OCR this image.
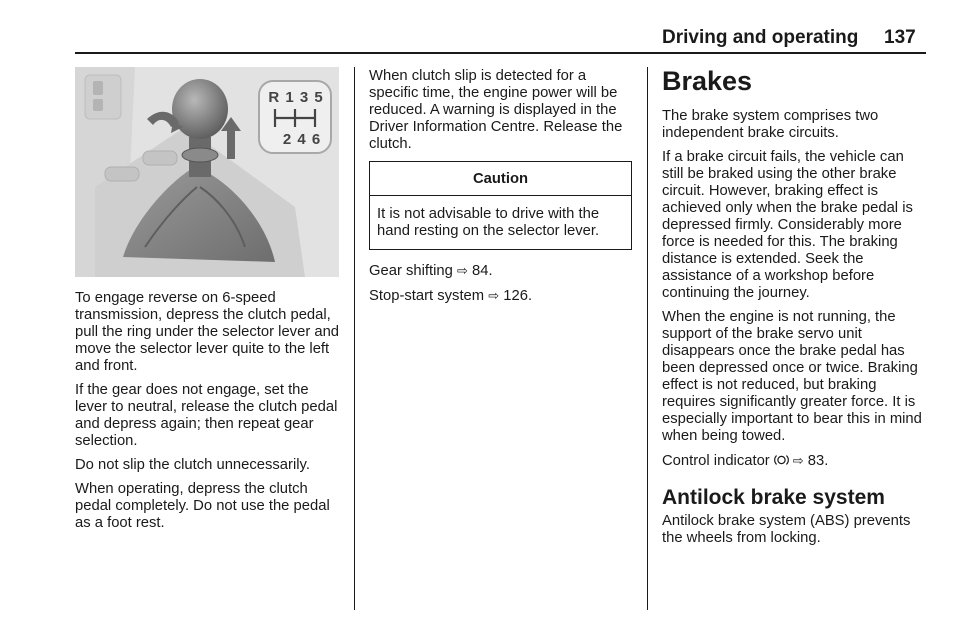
Driving and operating 137
R 1 3 5
2 4 6

To engage reverse on 6-speed transmission, depress the clutch pedal, pull the ring under the selector lever and move the selector lever quite to the left and front.

If the gear does not engage, set the lever to neutral, release the clutch pedal and depress again; then repeat gear selection.

Do not slip the clutch unnecessarily.

When operating, depress the clutch pedal completely. Do not use the pedal as a foot rest.

When clutch slip is detected for a specific time, the engine power will be reduced. A warning is displayed in the Driver Information Centre. Release the clutch.

Caution
It is not advisable to drive with the hand resting on the selector lever.

Gear shifting ⇨ 84.

Stop-start system ⇨ 126.

Brakes

The brake system comprises two independent brake circuits.

If a brake circuit fails, the vehicle can still be braked using the other brake circuit. However, braking effect is achieved only when the brake pedal is depressed firmly. Considerably more force is needed for this. The braking distance is extended. Seek the assistance of a workshop before continuing the journey.

When the engine is not running, the support of the brake servo unit disappears once the brake pedal has been depressed once or twice. Braking effect is not reduced, but braking requires significantly greater force. It is especially important to bear this in mind when being towed.

Control indicator ⇨ 83.

Antilock brake system

Antilock brake system (ABS) prevents the wheels from locking.
